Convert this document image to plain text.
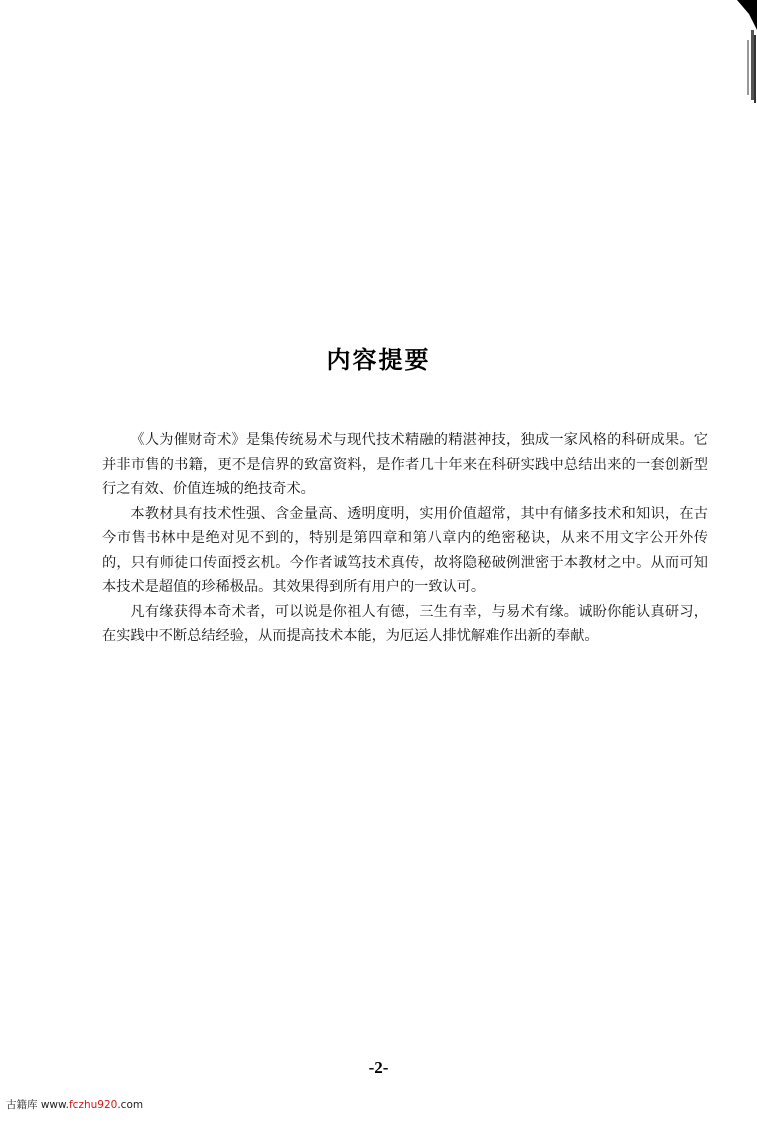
内容提要

《人为催财奇术》是集传统易术与现代技术精融的精湛神技，独成一家风格的科研成果。它并非市售的书籍，更不是信界的致富资料，是作者几十年来在科研实践中总结出来的一套创新型行之有效、价值连城的绝技奇术。

本教材具有技术性强、含金量高、透明度明，实用价值超常，其中有储多技术和知识，在古今市售书林中是绝对见不到的，特别是第四章和第八章内的绝密秘诀，从来不用文字公开外传的，只有师徒口传面授玄机。今作者诚笃技术真传，故将隐秘破例泄密于本教材之中。从而可知本技术是超值的珍稀极品。其效果得到所有用户的一致认可。

凡有缘获得本奇术者，可以说是你祖人有德，三生有幸，与易术有缘。诚盼你能认真研习，在实践中不断总结经验，从而提高技术本能，为厄运人排忧解难作出新的奉献。

-2-
古籍库 www.fczhu920.com
